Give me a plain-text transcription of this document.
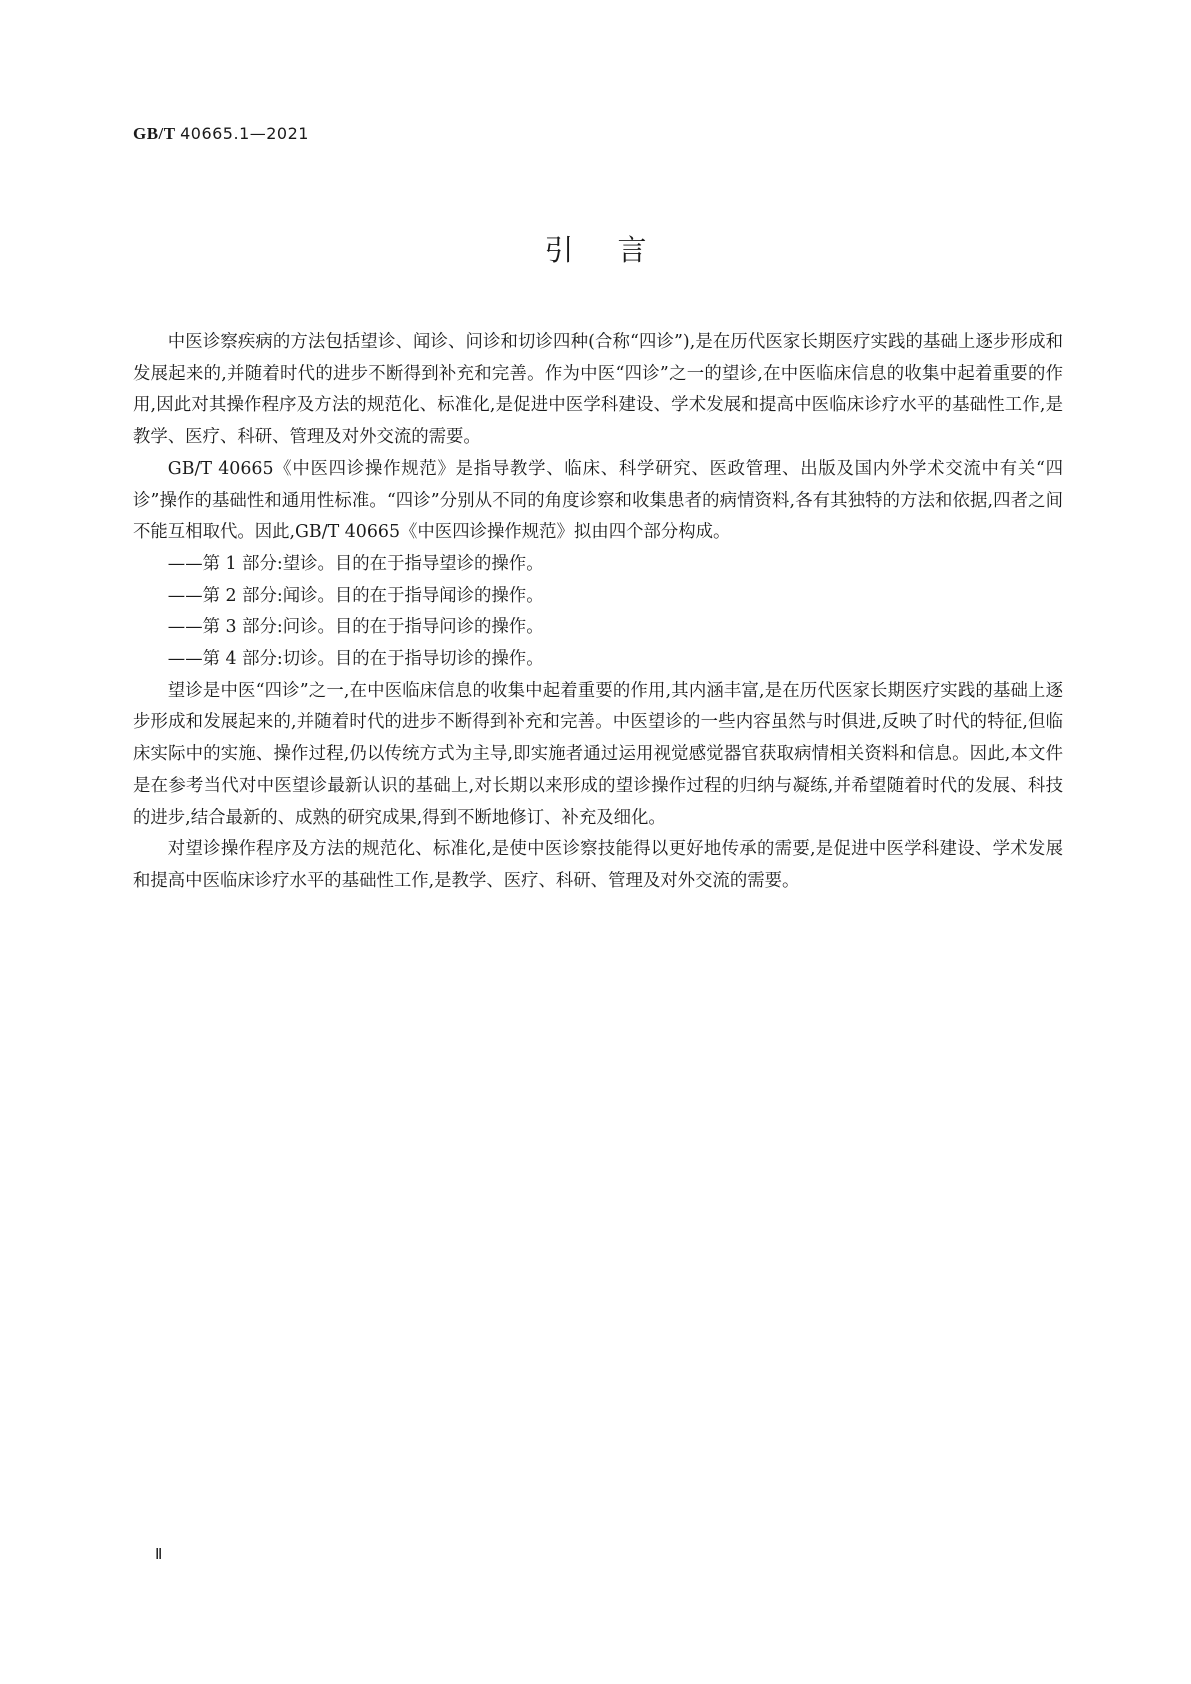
GB/T 40665.1—2021
引言

中医诊察疾病的方法包括望诊、闻诊、问诊和切诊四种(合称“四诊”),是在历代医家长期医疗实践的基础上逐步形成和发展起来的,并随着时代的进步不断得到补充和完善。作为中医“四诊”之一的望诊,在中医临床信息的收集中起着重要的作用,因此对其操作程序及方法的规范化、标准化,是促进中医学科建设、学术发展和提高中医临床诊疗水平的基础性工作,是教学、医疗、科研、管理及对外交流的需要。

GB/T 40665《中医四诊操作规范》是指导教学、临床、科学研究、医政管理、出版及国内外学术交流中有关“四诊”操作的基础性和通用性标准。“四诊”分别从不同的角度诊察和收集患者的病情资料,各有其独特的方法和依据,四者之间不能互相取代。因此,GB/T 40665《中医四诊操作规范》拟由四个部分构成。

——第 1 部分:望诊。目的在于指导望诊的操作。

——第 2 部分:闻诊。目的在于指导闻诊的操作。

——第 3 部分:问诊。目的在于指导问诊的操作。

——第 4 部分:切诊。目的在于指导切诊的操作。

望诊是中医“四诊”之一,在中医临床信息的收集中起着重要的作用,其内涵丰富,是在历代医家长期医疗实践的基础上逐步形成和发展起来的,并随着时代的进步不断得到补充和完善。中医望诊的一些内容虽然与时俱进,反映了时代的特征,但临床实际中的实施、操作过程,仍以传统方式为主导,即实施者通过运用视觉感觉器官获取病情相关资料和信息。因此,本文件是在参考当代对中医望诊最新认识的基础上,对长期以来形成的望诊操作过程的归纳与凝练,并希望随着时代的发展、科技的进步,结合最新的、成熟的研究成果,得到不断地修订、补充及细化。

对望诊操作程序及方法的规范化、标准化,是使中医诊察技能得以更好地传承的需要,是促进中医学科建设、学术发展和提高中医临床诊疗水平的基础性工作,是教学、医疗、科研、管理及对外交流的需要。

Ⅱ
